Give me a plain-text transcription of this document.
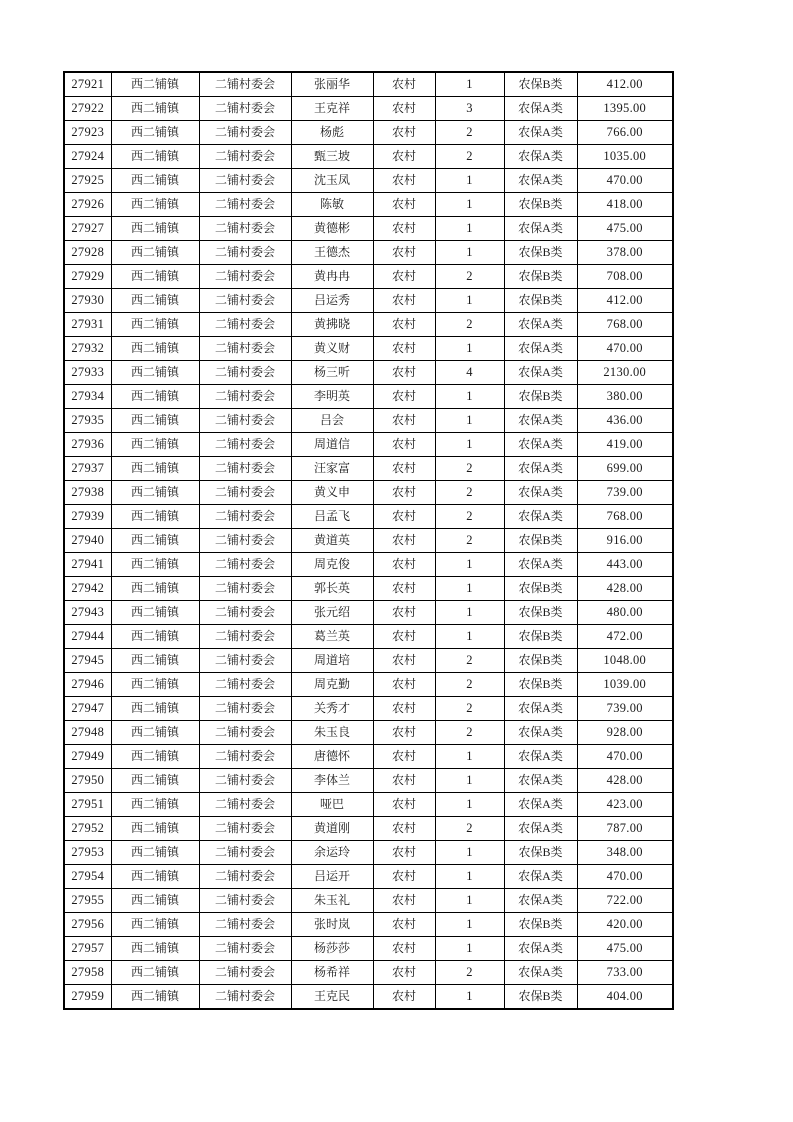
27921	西二铺镇	二铺村委会	张丽华	农村	1	农保B类	412.00
27922	西二铺镇	二铺村委会	王克祥	农村	3	农保A类	1395.00
27923	西二铺镇	二铺村委会	杨彪	农村	2	农保A类	766.00
27924	西二铺镇	二铺村委会	甄三坡	农村	2	农保A类	1035.00
27925	西二铺镇	二铺村委会	沈玉凤	农村	1	农保A类	470.00
27926	西二铺镇	二铺村委会	陈敏	农村	1	农保B类	418.00
27927	西二铺镇	二铺村委会	黄德彬	农村	1	农保A类	475.00
27928	西二铺镇	二铺村委会	王德杰	农村	1	农保B类	378.00
27929	西二铺镇	二铺村委会	黄冉冉	农村	2	农保B类	708.00
27930	西二铺镇	二铺村委会	吕运秀	农村	1	农保B类	412.00
27931	西二铺镇	二铺村委会	黄拂晓	农村	2	农保A类	768.00
27932	西二铺镇	二铺村委会	黄义财	农村	1	农保A类	470.00
27933	西二铺镇	二铺村委会	杨三听	农村	4	农保A类	2130.00
27934	西二铺镇	二铺村委会	李明英	农村	1	农保B类	380.00
27935	西二铺镇	二铺村委会	吕会	农村	1	农保A类	436.00
27936	西二铺镇	二铺村委会	周道信	农村	1	农保A类	419.00
27937	西二铺镇	二铺村委会	汪家富	农村	2	农保A类	699.00
27938	西二铺镇	二铺村委会	黄义申	农村	2	农保A类	739.00
27939	西二铺镇	二铺村委会	吕孟飞	农村	2	农保A类	768.00
27940	西二铺镇	二铺村委会	黄道英	农村	2	农保B类	916.00
27941	西二铺镇	二铺村委会	周克俊	农村	1	农保A类	443.00
27942	西二铺镇	二铺村委会	郭长英	农村	1	农保B类	428.00
27943	西二铺镇	二铺村委会	张元绍	农村	1	农保B类	480.00
27944	西二铺镇	二铺村委会	葛兰英	农村	1	农保B类	472.00
27945	西二铺镇	二铺村委会	周道培	农村	2	农保B类	1048.00
27946	西二铺镇	二铺村委会	周克勤	农村	2	农保B类	1039.00
27947	西二铺镇	二铺村委会	关秀才	农村	2	农保A类	739.00
27948	西二铺镇	二铺村委会	朱玉良	农村	2	农保A类	928.00
27949	西二铺镇	二铺村委会	唐德怀	农村	1	农保A类	470.00
27950	西二铺镇	二铺村委会	李体兰	农村	1	农保A类	428.00
27951	西二铺镇	二铺村委会	哑巴	农村	1	农保A类	423.00
27952	西二铺镇	二铺村委会	黄道刚	农村	2	农保A类	787.00
27953	西二铺镇	二铺村委会	余运玲	农村	1	农保B类	348.00
27954	西二铺镇	二铺村委会	吕运开	农村	1	农保A类	470.00
27955	西二铺镇	二铺村委会	朱玉礼	农村	1	农保A类	722.00
27956	西二铺镇	二铺村委会	张时岚	农村	1	农保B类	420.00
27957	西二铺镇	二铺村委会	杨莎莎	农村	1	农保A类	475.00
27958	西二铺镇	二铺村委会	杨希祥	农村	2	农保A类	733.00
27959	西二铺镇	二铺村委会	王克民	农村	1	农保B类	404.00
